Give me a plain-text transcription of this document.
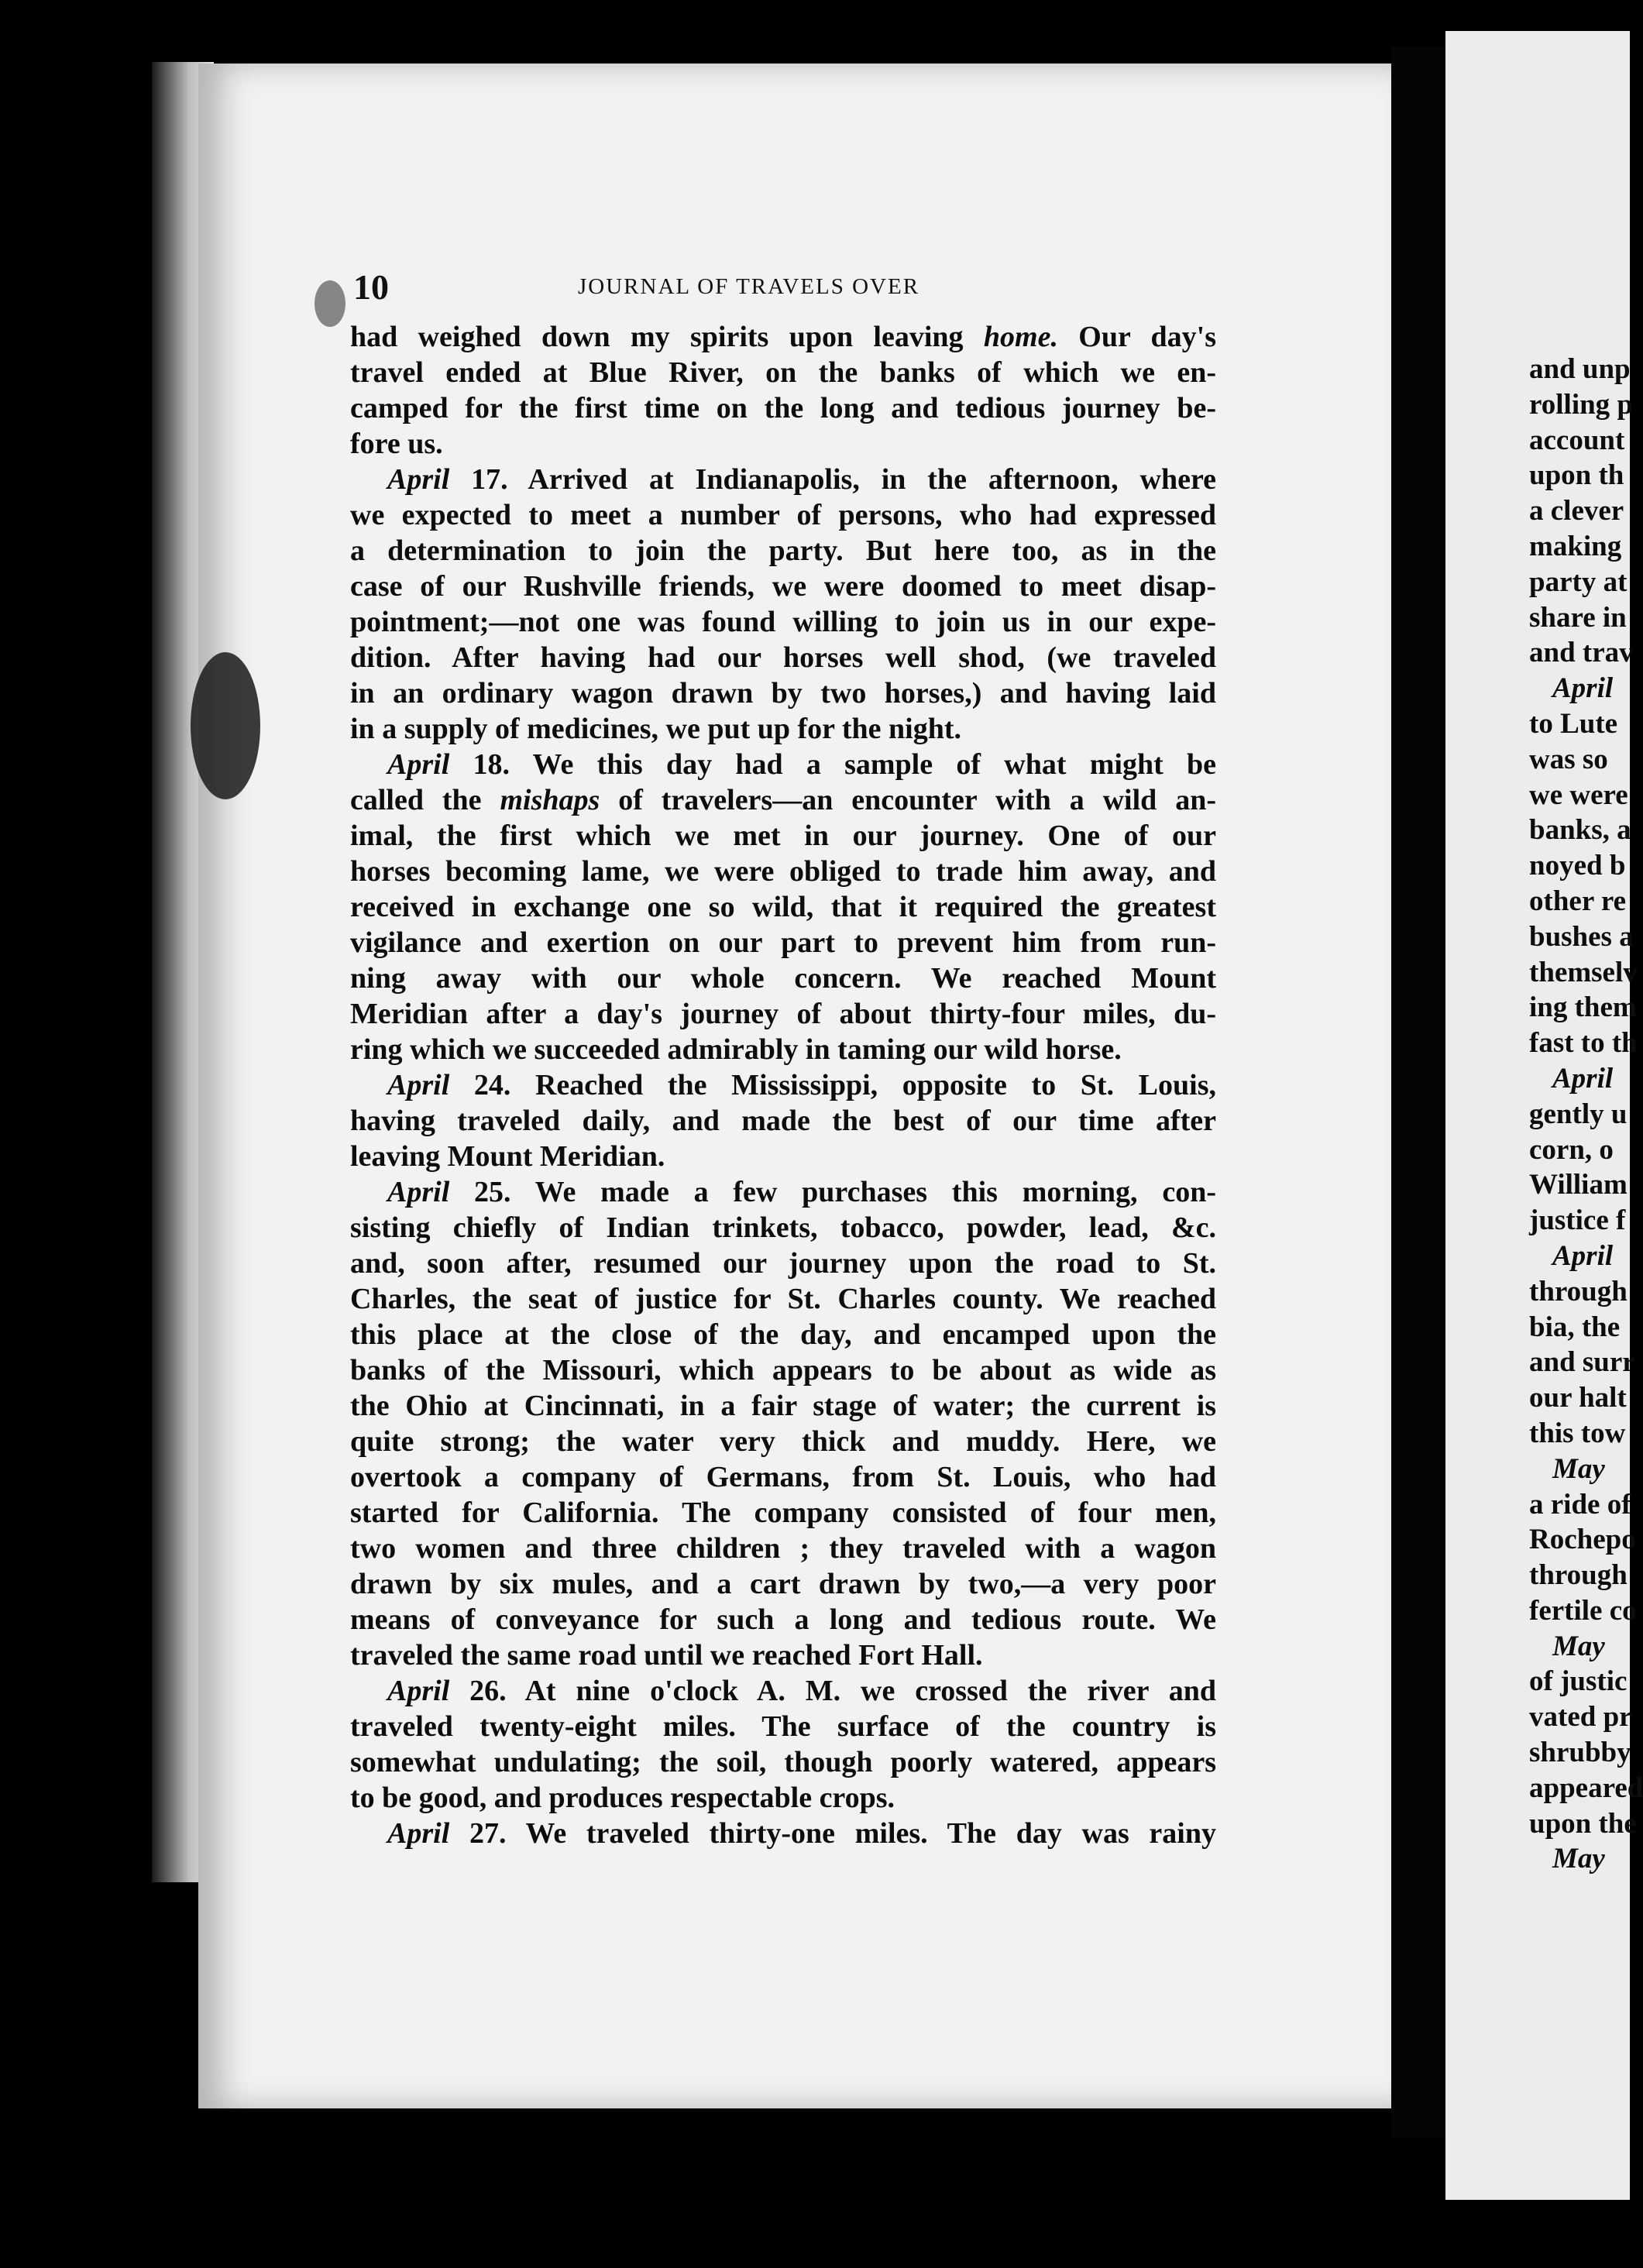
10	JOURNAL OF TRAVELS OVER
had weighed down my spirits upon leaving home. Our day's
travel ended at Blue River, on the banks of which we en-
camped for the first time on the long and tedious journey be-
fore us.
April 17. Arrived at Indianapolis, in the afternoon, where
we expected to meet a number of persons, who had expressed
a determination to join the party. But here too, as in the
case of our Rushville friends, we were doomed to meet disap-
pointment;—not one was found willing to join us in our expe-
dition. After having had our horses well shod, (we traveled
in an ordinary wagon drawn by two horses,) and having laid
in a supply of medicines, we put up for the night.
April 18. We this day had a sample of what might be
called the mishaps of travelers—an encounter with a wild an-
imal, the first which we met in our journey. One of our
horses becoming lame, we were obliged to trade him away, and
received in exchange one so wild, that it required the greatest
vigilance and exertion on our part to prevent him from run-
ning away with our whole concern. We reached Mount
Meridian after a day's journey of about thirty-four miles, du-
ring which we succeeded admirably in taming our wild horse.
April 24. Reached the Mississippi, opposite to St. Louis,
having traveled daily, and made the best of our time after
leaving Mount Meridian.
April 25. We made a few purchases this morning, con-
sisting chiefly of Indian trinkets, tobacco, powder, lead, &c.
and, soon after, resumed our journey upon the road to St.
Charles, the seat of justice for St. Charles county. We reached
this place at the close of the day, and encamped upon the
banks of the Missouri, which appears to be about as wide as
the Ohio at Cincinnati, in a fair stage of water; the current is
quite strong; the water very thick and muddy. Here, we
overtook a company of Germans, from St. Louis, who had
started for California. The company consisted of four men,
two women and three children ; they traveled with a wagon
drawn by six mules, and a cart drawn by two,—a very poor
means of conveyance for such a long and tedious route. We
traveled the same road until we reached Fort Hall.
April 26. At nine o'clock A. M. we crossed the river and
traveled twenty-eight miles. The surface of the country is
somewhat undulating; the soil, though poorly watered, appears
to be good, and produces respectable crops.
April 27. We traveled thirty-one miles. The day was rainy
and unp
rolling p
account
upon th
a clever
making
party at
share in
and trav
April
to Lute
was so
we were
banks, a
noyed b
other re
bushes a
themselv
ing them
fast to th
April
gently u
corn, o
William
justice f
April
through
bia, the
and surr
our halt
this tow
May
a ride of
Rochepo
through
fertile co
May
of justic
vated pr
shrubby
appeared
upon the
May
